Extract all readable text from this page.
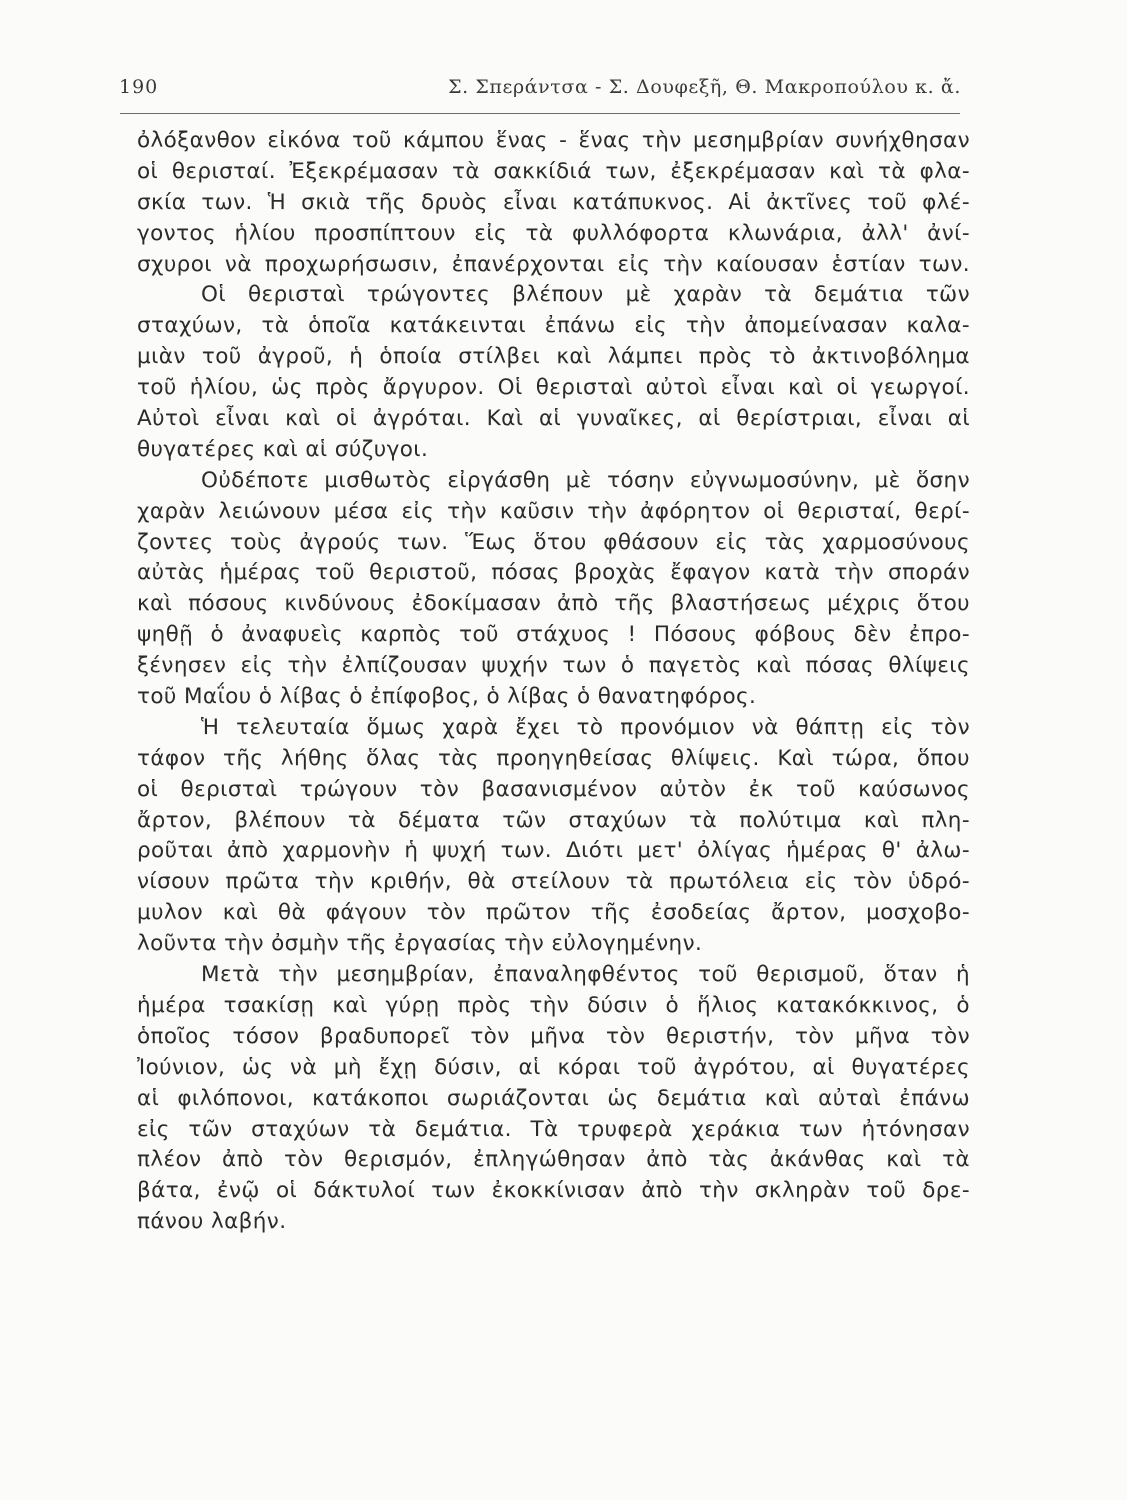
190	Σ. Σπεράντσα - Σ. Δουφεξῆ, Θ. Μακροπούλου κ. ἄ.
ὀλόξανθον εἰκόνα τοῦ κάμπου ἕνας - ἕνας τὴν μεσημβρίαν συνήχθησαν
οἱ θερισταί. Ἐξεκρέμασαν τὰ σακκίδιά των, ἐξεκρέμασαν καὶ τὰ φλα-
σκία των. Ἡ σκιὰ τῆς δρυὸς εἶναι κατάπυκνος. Αἱ ἀκτῖνες τοῦ φλέ-
γοντος ἡλίου προσπίπτουν εἰς τὰ φυλλόφορτα κλωνάρια, ἀλλ' ἀνί-
σχυροι νὰ προχωρήσωσιν, ἐπανέρχονται εἰς τὴν καίουσαν ἑστίαν των.
Οἱ θερισταὶ τρώγοντες βλέπουν μὲ χαρὰν τὰ δεμάτια τῶν
σταχύων, τὰ ὁποῖα κατάκεινται ἐπάνω εἰς τὴν ἀπομείνασαν καλα-
μιὰν τοῦ ἀγροῦ, ἡ ὁποία στίλβει καὶ λάμπει πρὸς τὸ ἀκτινοβόλημα
τοῦ ἡλίου, ὡς πρὸς ἄργυρον. Οἱ θερισταὶ αὐτοὶ εἶναι καὶ οἱ γεωργοί.
Αὐτοὶ εἶναι καὶ οἱ ἀγρόται. Καὶ αἱ γυναῖκες, αἱ θερίστριαι, εἶναι αἱ
θυγατέρες καὶ αἱ σύζυγοι.
Οὐδέποτε μισθωτὸς εἰργάσθη μὲ τόσην εὐγνωμοσύνην, μὲ ὅσην
χαρὰν λειώνουν μέσα εἰς τὴν καῦσιν τὴν ἀφόρητον οἱ θερισταί, θερί-
ζοντες τοὺς ἀγρούς των. Ἕως ὅτου φθάσουν εἰς τὰς χαρμοσύνους
αὐτὰς ἡμέρας τοῦ θεριστοῦ, πόσας βροχὰς ἔφαγον κατὰ τὴν σποράν
καὶ πόσους κινδύνους ἐδοκίμασαν ἀπὸ τῆς βλαστήσεως μέχρις ὅτου
ψηθῇ ὁ ἀναφυεὶς καρπὸς τοῦ στάχυος ! Πόσους φόβους δὲν ἐπρο-
ξένησεν εἰς τὴν ἐλπίζουσαν ψυχήν των ὁ παγετὸς καὶ πόσας θλίψεις
τοῦ Μαΐου ὁ λίβας ὁ ἐπίφοβος, ὁ λίβας ὁ θανατηφόρος.
Ἡ τελευταία ὅμως χαρὰ ἔχει τὸ προνόμιον νὰ θάπτῃ εἰς τὸν
τάφον τῆς λήθης ὅλας τὰς προηγηθείσας θλίψεις. Καὶ τώρα, ὅπου
οἱ θερισταὶ τρώγουν τὸν βασανισμένον αὐτὸν ἐκ τοῦ καύσωνος
ἄρτον, βλέπουν τὰ δέματα τῶν σταχύων τὰ πολύτιμα καὶ πλη-
ροῦται ἀπὸ χαρμονὴν ἡ ψυχή των. Διότι μετ' ὀλίγας ἡμέρας θ' ἀλω-
νίσουν πρῶτα τὴν κριθήν, θὰ στείλουν τὰ πρωτόλεια εἰς τὸν ὑδρό-
μυλον καὶ θὰ φάγουν τὸν πρῶτον τῆς ἐσοδείας ἄρτον, μοσχοβο-
λοῦντα τὴν ὀσμὴν τῆς ἐργασίας τὴν εὐλογημένην.
Μετὰ τὴν μεσημβρίαν, ἐπαναληφθέντος τοῦ θερισμοῦ, ὅταν ἡ
ἡμέρα τσακίσῃ καὶ γύρῃ πρὸς τὴν δύσιν ὁ ἥλιος κατακόκκινος, ὁ
ὁποῖος τόσον βραδυπορεῖ τὸν μῆνα τὸν θεριστήν, τὸν μῆνα τὸν
Ἰούνιον, ὡς νὰ μὴ ἔχῃ δύσιν, αἱ κόραι τοῦ ἀγρότου, αἱ θυγατέρες
αἱ φιλόπονοι, κατάκοποι σωριάζονται ὡς δεμάτια καὶ αὐταὶ ἐπάνω
εἰς τῶν σταχύων τὰ δεμάτια. Τὰ τρυφερὰ χεράκια των ἠτόνησαν
πλέον ἀπὸ τὸν θερισμόν, ἐπληγώθησαν ἀπὸ τὰς ἀκάνθας καὶ τὰ
βάτα, ἐνῷ οἱ δάκτυλοί των ἐκοκκίνισαν ἀπὸ τὴν σκληρὰν τοῦ δρε-
πάνου λαβήν.
